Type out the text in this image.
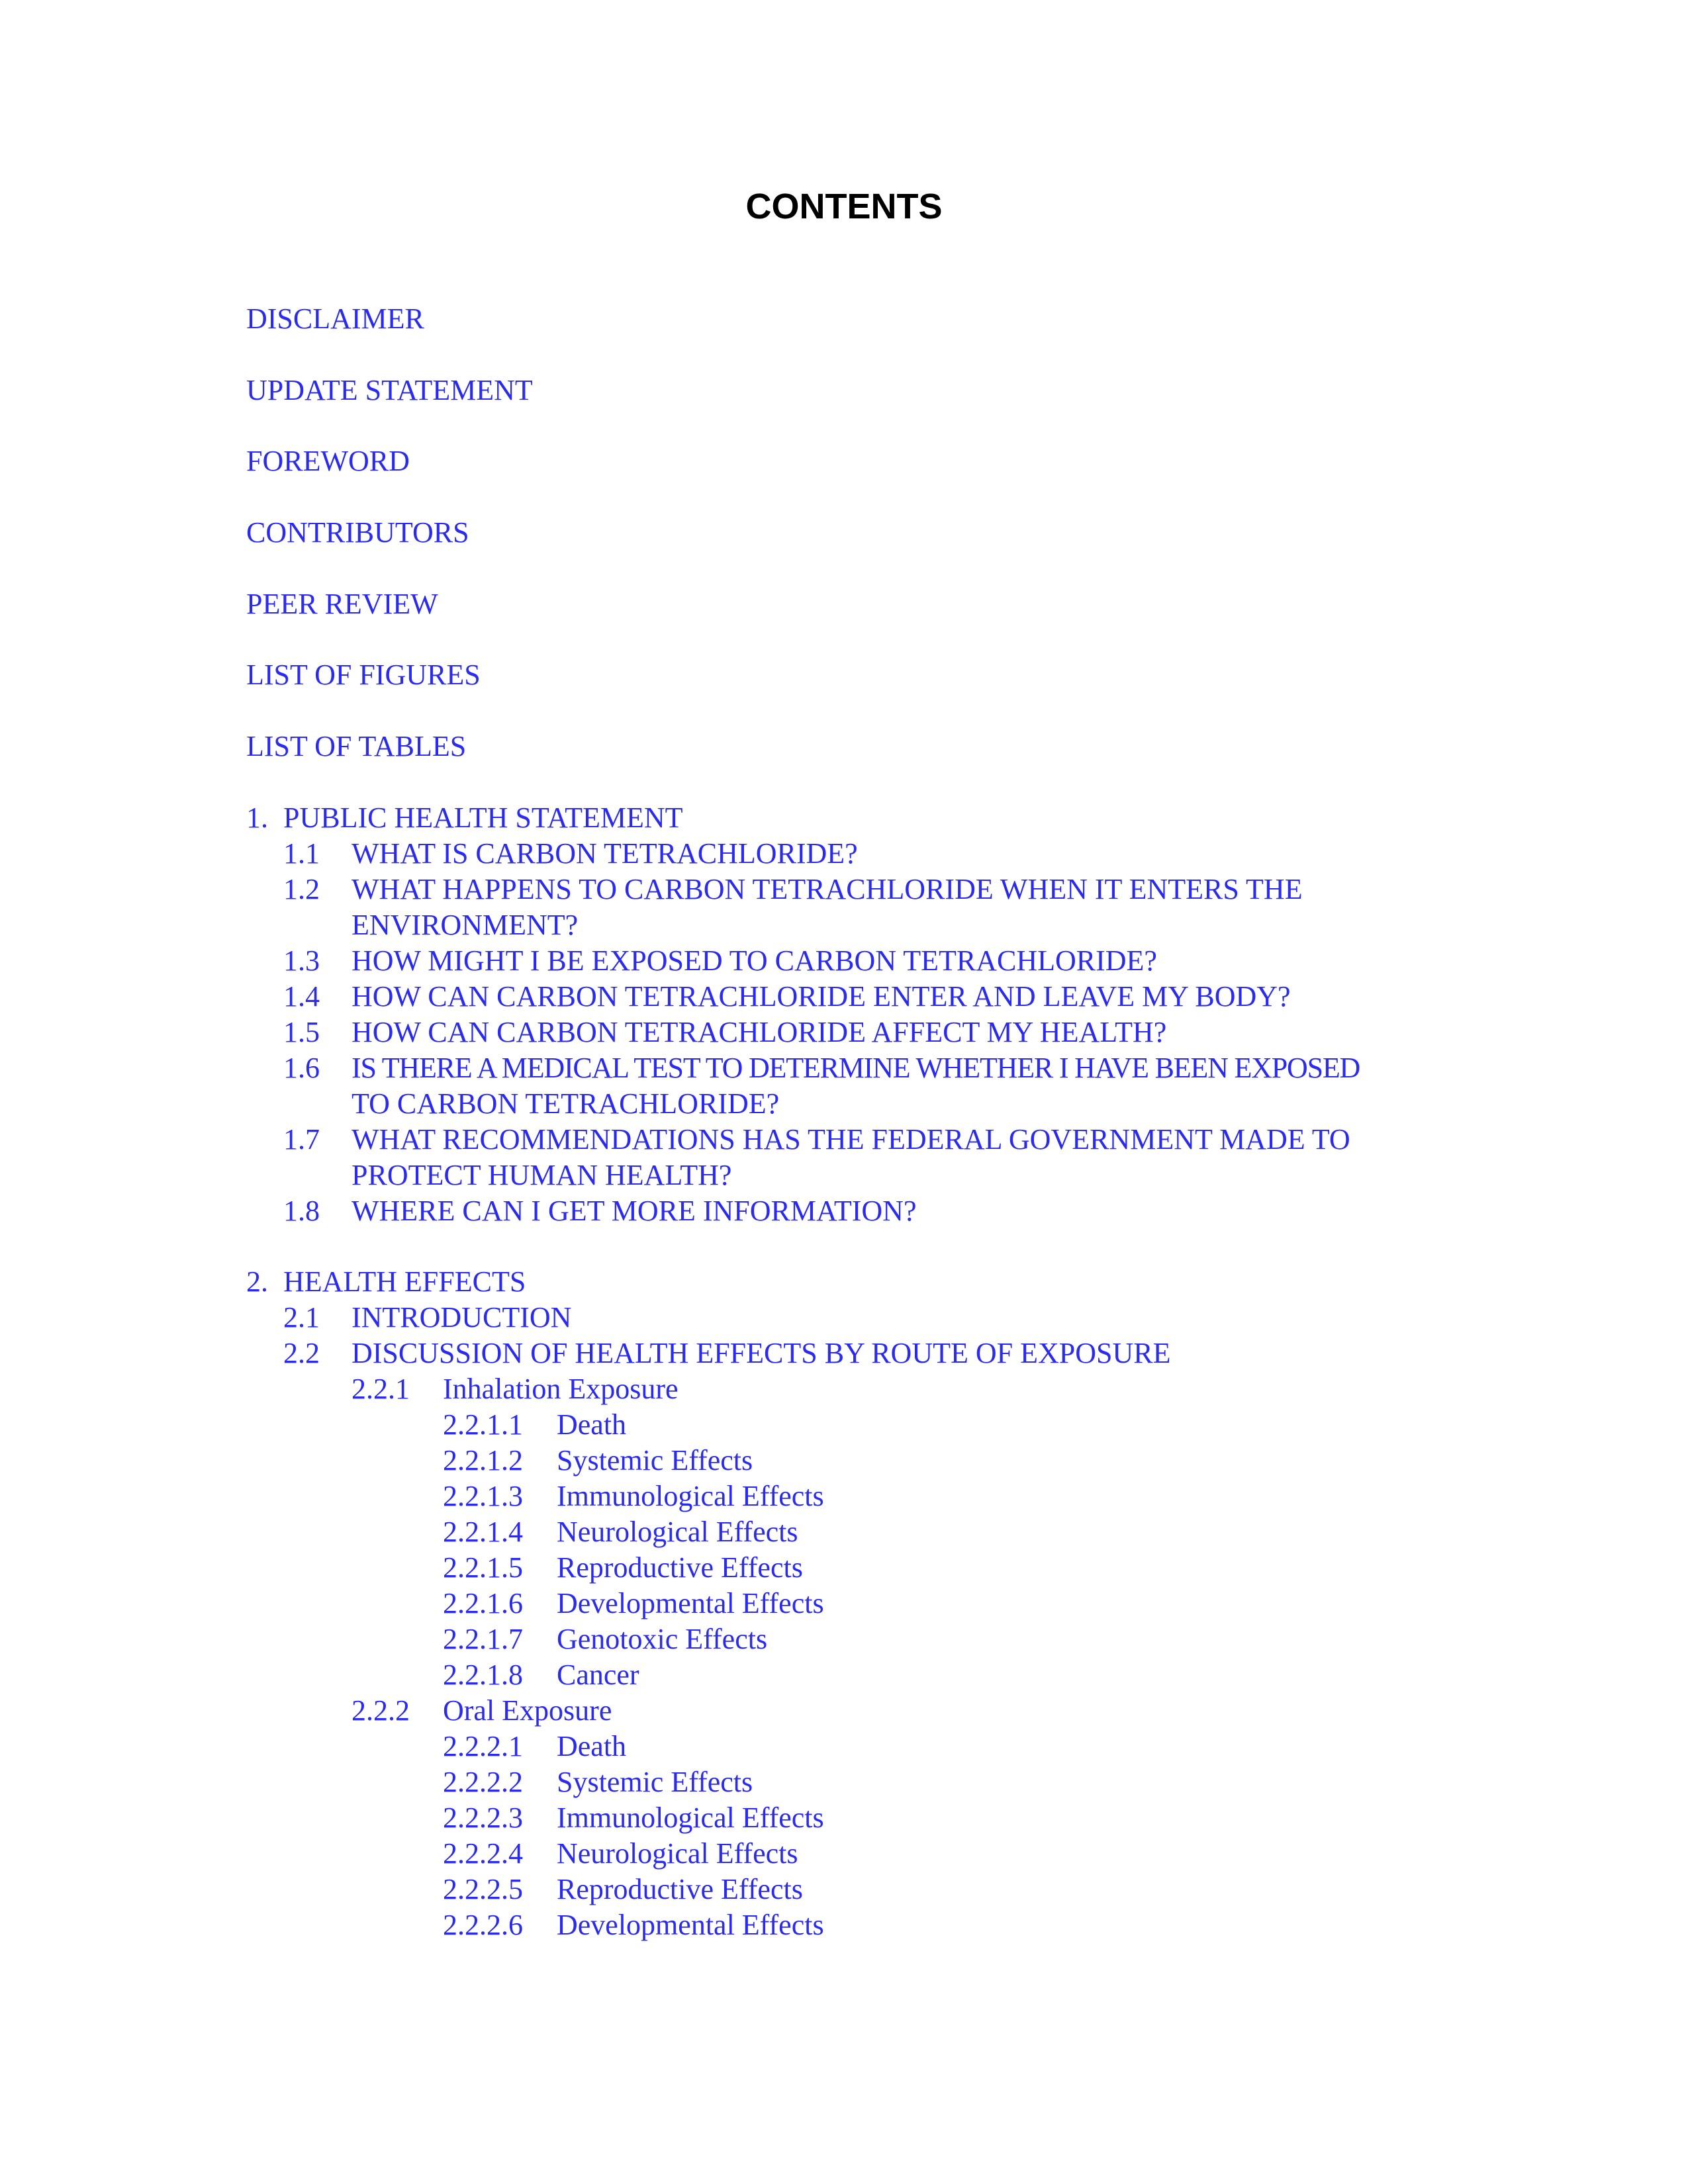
CONTENTS
DISCLAIMER
UPDATE STATEMENT
FOREWORD
CONTRIBUTORS
PEER REVIEW
LIST OF FIGURES
LIST OF TABLES
1. PUBLIC HEALTH STATEMENT
1.1 WHAT IS CARBON TETRACHLORIDE?
1.2 WHAT HAPPENS TO CARBON TETRACHLORIDE WHEN IT ENTERS THE
ENVIRONMENT?
1.3 HOW MIGHT I BE EXPOSED TO CARBON TETRACHLORIDE?
1.4 HOW CAN CARBON TETRACHLORIDE ENTER AND LEAVE MY BODY?
1.5 HOW CAN CARBON TETRACHLORIDE AFFECT MY HEALTH?
1.6 IS THERE A MEDICAL TEST TO DETERMINE WHETHER I HAVE BEEN EXPOSED
TO CARBON TETRACHLORIDE?
1.7 WHAT RECOMMENDATIONS HAS THE FEDERAL GOVERNMENT MADE TO
PROTECT HUMAN HEALTH?
1.8 WHERE CAN I GET MORE INFORMATION?
2. HEALTH EFFECTS
2.1 INTRODUCTION
2.2 DISCUSSION OF HEALTH EFFECTS BY ROUTE OF EXPOSURE
2.2.1 Inhalation Exposure
2.2.1.1 Death
2.2.1.2 Systemic Effects
2.2.1.3 Immunological Effects
2.2.1.4 Neurological Effects
2.2.1.5 Reproductive Effects
2.2.1.6 Developmental Effects
2.2.1.7 Genotoxic Effects
2.2.1.8 Cancer
2.2.2 Oral Exposure
2.2.2.1 Death
2.2.2.2 Systemic Effects
2.2.2.3 Immunological Effects
2.2.2.4 Neurological Effects
2.2.2.5 Reproductive Effects
2.2.2.6 Developmental Effects
